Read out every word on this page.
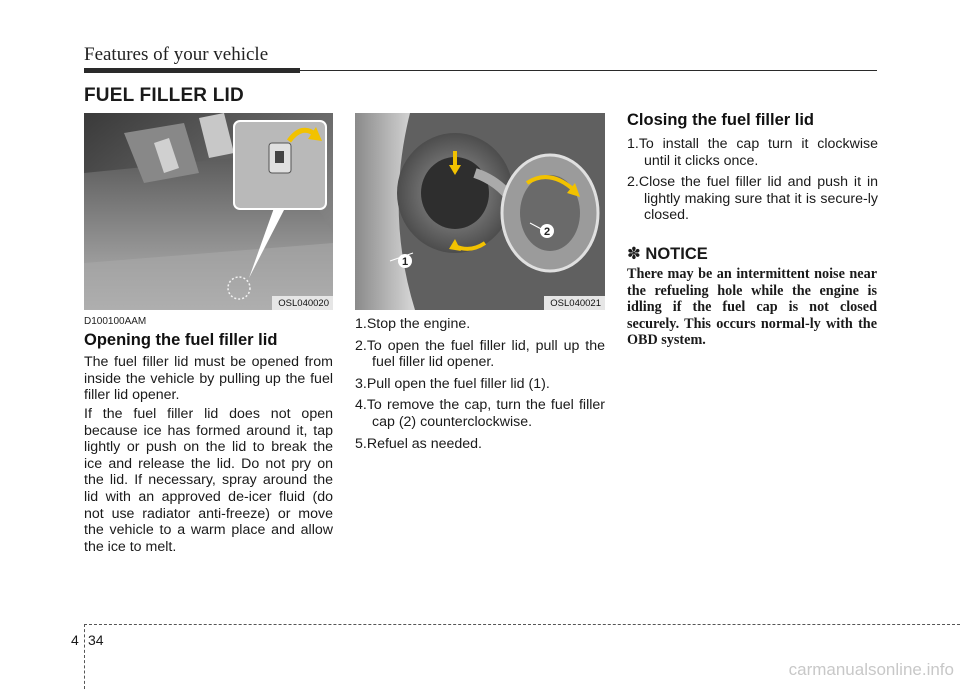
Features of your vehicle
FUEL FILLER LID
OSL040020
1
2
OSL040021
D100100AAM
Opening the fuel filler lid

The fuel filler lid must be opened from inside the vehicle by pulling up the fuel filler lid opener.

If the fuel filler lid does not open because ice has formed around it, tap lightly or push on the lid to break the ice and release the lid. Do not pry on the lid. If necessary, spray around the lid with an approved de-icer fluid (do not use radiator anti-freeze) or move the vehicle to a warm place and allow the ice to melt.

1.Stop the engine.
2.To open the fuel filler lid, pull up the fuel filler lid opener.
3.Pull open the fuel filler lid (1).
4.To remove the cap, turn the fuel filler cap (2) counterclockwise.
5.Refuel as needed.
Closing the fuel filler lid
1.To install the cap turn it clockwise until it clicks once.
2.Close the fuel filler lid and push it in lightly making sure that it is secure-ly closed.
✽ NOTICE

There may be an intermittent noise near the refueling hole while the engine is idling if the fuel cap is not closed securely. This occurs normal-ly with the OBD system.

4 34
carmanualsonline.info
